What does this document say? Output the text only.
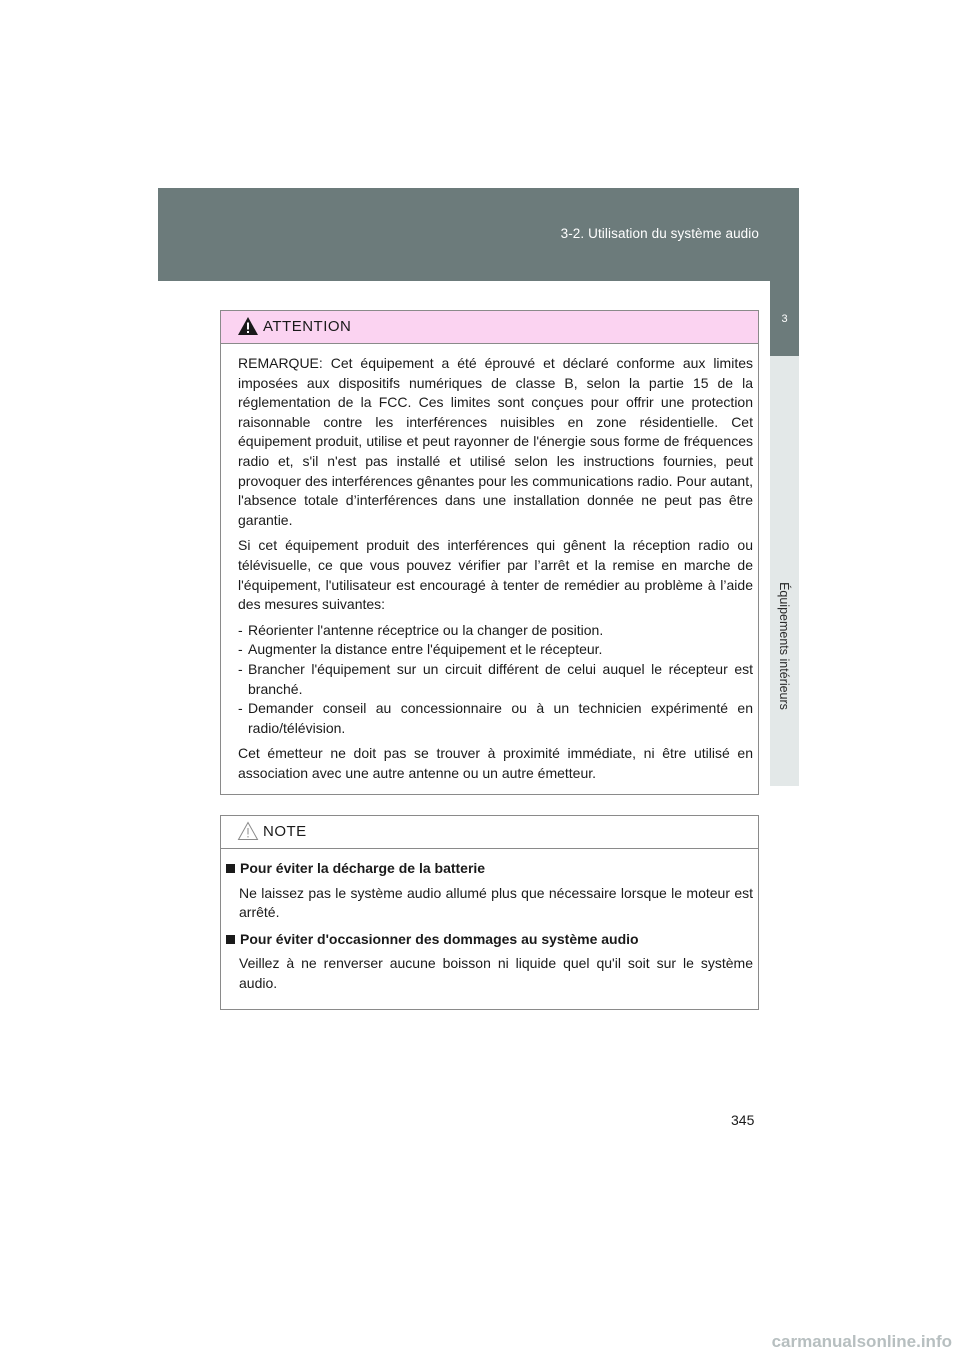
3-2. Utilisation du système audio
3
Équipements intérieurs
ATTENTION

REMARQUE: Cet équipement a été éprouvé et déclaré conforme aux limites imposées aux dispositifs numériques de classe B, selon la partie 15 de la réglementation de la FCC. Ces limites sont conçues pour offrir une protection raisonnable contre les interférences nuisibles en zone résidentielle. Cet équipement produit, utilise et peut rayonner de l'énergie sous forme de fréquences radio et, s'il n'est pas installé et utilisé selon les instructions fournies, peut provoquer des interférences gênantes pour les communications radio. Pour autant, l'absence totale d’interférences dans une installation donnée ne peut pas être garantie.

Si cet équipement produit des interférences qui gênent la réception radio ou télévisuelle, ce que vous pouvez vérifier par l’arrêt et la remise en marche de l'équipement, l'utilisateur est encouragé à tenter de remédier au problème à l’aide des mesures suivantes:

- Réorienter l'antenne réceptrice ou la changer de position.
- Augmenter la distance entre l'équipement et le récepteur.
- Brancher l'équipement sur un circuit différent de celui auquel le récepteur est branché.
- Demander conseil au concessionnaire ou à un technicien expérimenté en radio/télévision.

Cet émetteur ne doit pas se trouver à proximité immédiate, ni être utilisé en association avec une autre antenne ou un autre émetteur.

NOTE
Pour éviter la décharge de la batterie

Ne laissez pas le système audio allumé plus que nécessaire lorsque le moteur est arrêté.

Pour éviter d'occasionner des dommages au système audio

Veillez à ne renverser aucune boisson ni liquide quel qu'il soit sur le système audio.

345
carmanualsonline.info
